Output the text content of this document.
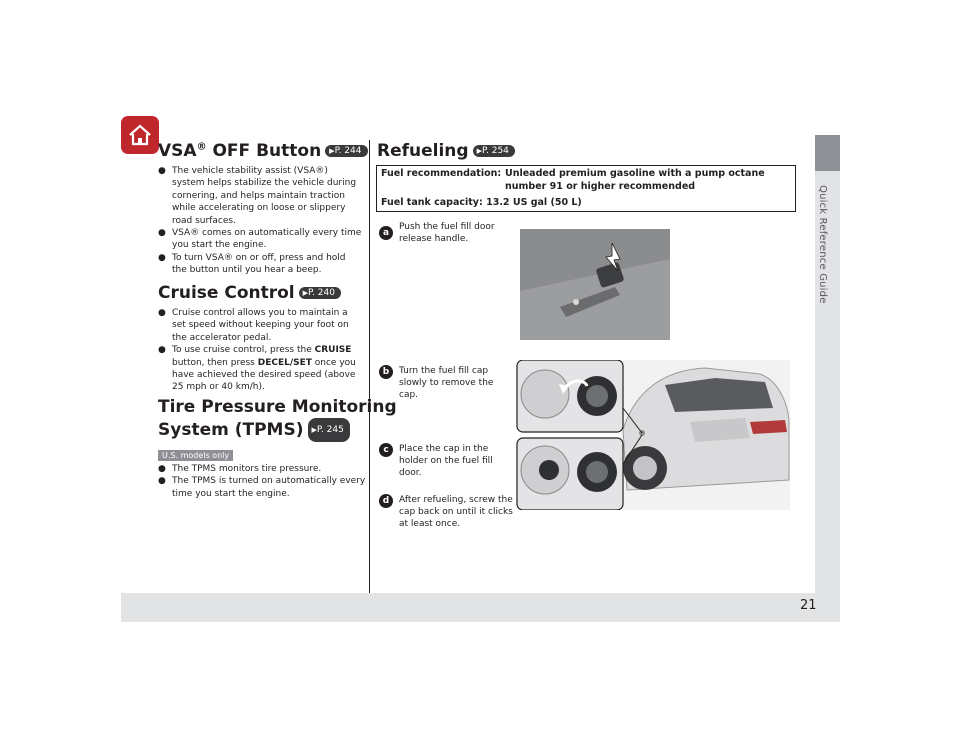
Quick Reference Guide
21
VSA® OFF Button ▶ P. 244
● The vehicle stability assist (VSA®) system helps stabilize the vehicle during cornering, and helps maintain traction while accelerating on loose or slippery road surfaces.
● VSA® comes on automatically every time you start the engine.
● To turn VSA® on or off, press and hold the button until you hear a beep.
Cruise Control ▶ P. 240
● Cruise control allows you to maintain a set speed without keeping your foot on the accelerator pedal.
● To use cruise control, press the CRUISE button, then press DECEL/SET once you have achieved the desired speed (above 25 mph or 40 km/h).
Tire Pressure Monitoring
System (TPMS) ▶ P. 245
U.S. models only
● The TPMS monitors tire pressure.
● The TPMS is turned on automatically every time you start the engine.
Refueling ▶ P. 254
Fuel recommendation: Unleaded premium gasoline with a pump octane
number 91 or higher recommended
Fuel tank capacity: 13.2 US gal (50 L)
a
Push the fuel fill door release handle.
b	Turn the fuel fill cap slowly to remove the cap.
c	Place the cap in the holder on the fuel fill door.
d	After refueling, screw the cap back on until it clicks at least once.
